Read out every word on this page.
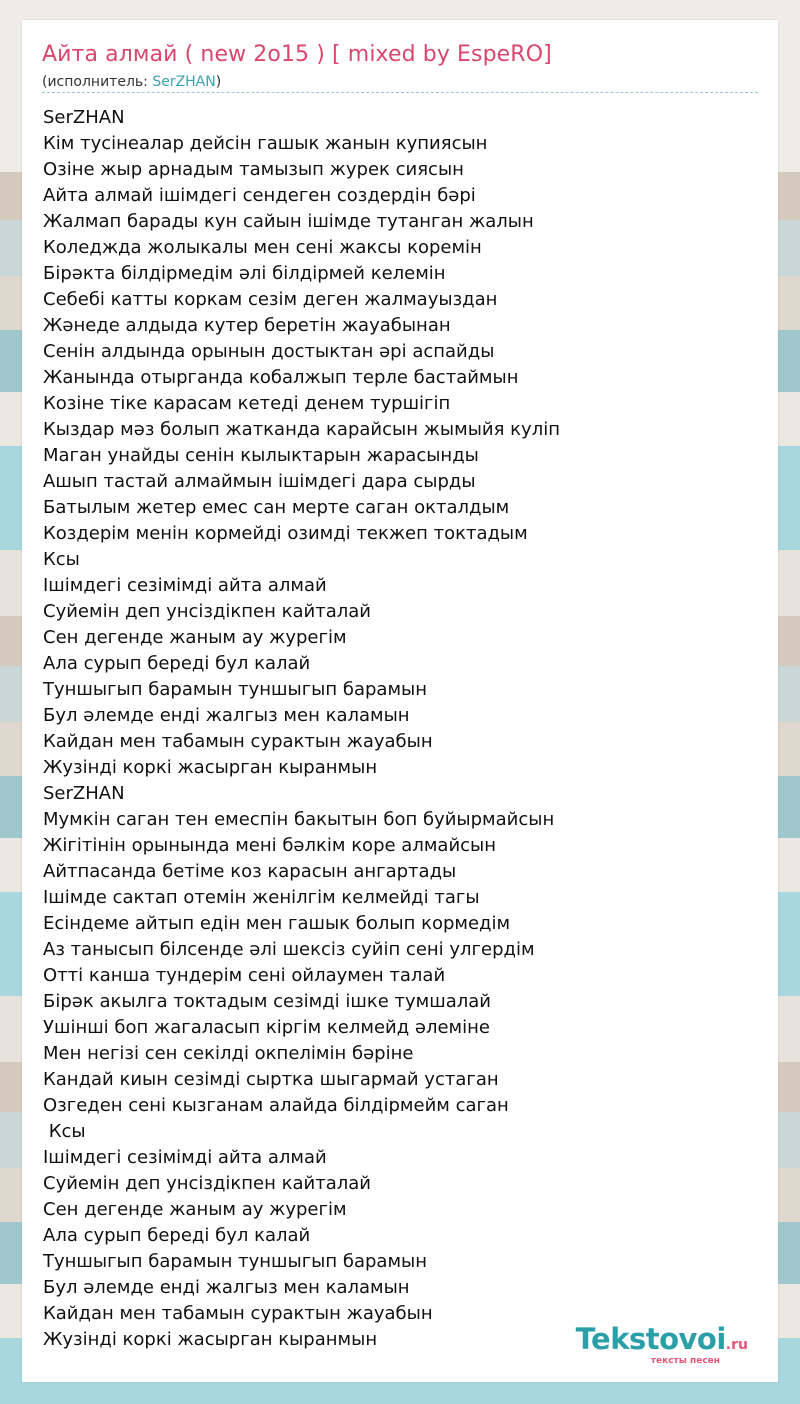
Айта алмай ( new 2o15 ) [ mixed by EspeRO]
(исполнитель: SerZHAN)
SerZHAN
Кім тусінеалар дейсін гашык жанын купиясын
Озіне жыр арнадым тамызып журек сиясын
Айта алмай ішімдегі сендеген создердін бәрі
Жалмап барады кун сайын ішімде тутанган жалын
Коледжда жолыкалы мен сені жаксы коремін
Бірәкта білдірмедім әлі білдірмей келемін
Себебі катты коркам сезім деген жалмауыздан
Жәнеде алдыда кутер беретін жауабынан
Сенін алдында орынын достыктан әрі аспайды
Жанында отырганда кобалжып терле бастаймын
Козіне тіке карасам кетеді денем туршігіп
Кыздар мәз болып жатканда карайсын жымыйя куліп
Маган унайды сенін кылыктарын жарасынды
Ашып тастай алмаймын ішімдегі дара сырды
Батылым жетер емес сан мерте саган окталдым
Коздерім менін кормейді озимді текжеп токтадым
Ксы
Ішімдегі сезімімді айта алмай
Суйемін деп унсіздікпен кайталай
Сен дегенде жаным ау журегім
Ала сурып береді бул калай
Туншыгып барамын туншыгып барамын
Бул әлемде енді жалгыз мен каламын
Кайдан мен табамын сурактын жауабын
Жузінді коркі жасырган кыранмын
SerZHAN
Мумкін саган тен емеспін бакытын боп буйырмайсын
Жігітінін орынында мені бәлкім коре алмайсын
Айтпасанда бетіме коз карасын ангартады
Ішімде сактап отемін женілгім келмейді тагы
Есіндеме айтып едін мен гашык болып кормедім
Аз танысып білсенде әлі шексіз суйіп сені улгердім
Отті канша тундерім сені ойлаумен талай
Бірәк акылга токтадым сезімді ішке тумшалай
Ушінші боп жагаласып кіргім келмейд әлеміне
Мен негізі сен секілді окпелімін бәріне
Кандай киын сезімді сыртка шыгармай устаган
Озгеден сені кызганам алайда білдірмейм саган
Ксы
Ішімдегі сезімімді айта алмай
Суйемін деп унсіздікпен кайталай
Сен дегенде жаным ау журегім
Ала сурып береді бул калай
Туншыгып барамын туншыгып барамын
Бул әлемде енді жалгыз мен каламын
Кайдан мен табамын сурактын жауабын
Жузінді коркі жасырган кыранмын	Tekstovoi.ru
тексты песен
